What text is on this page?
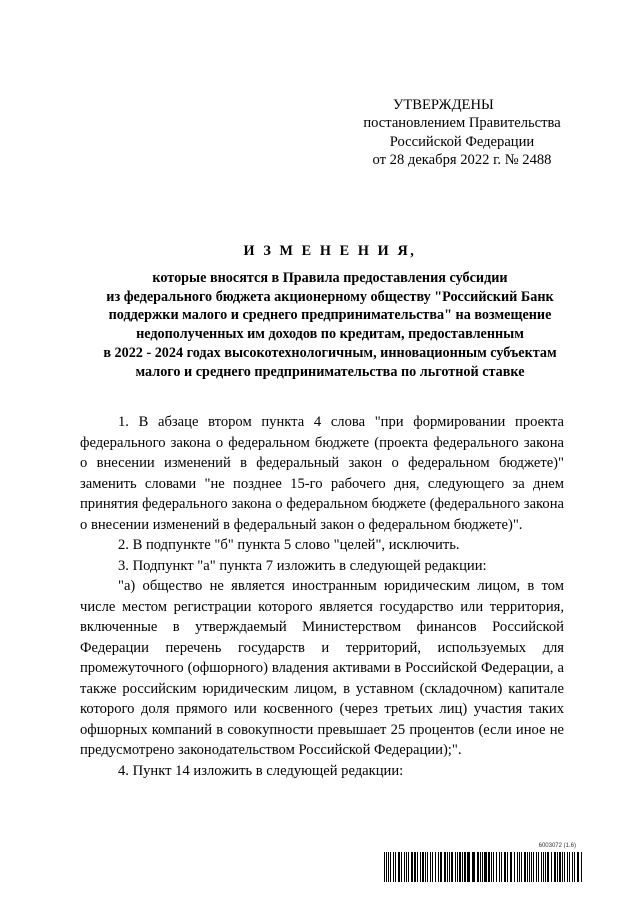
УТВЕРЖДЕНЫ
постановлением Правительства
Российской Федерации
от 28 декабря 2022 г. № 2488
И З М Е Н Е Н И Я,
которые вносятся в Правила предоставления субсидии
из федерального бюджета акционерному обществу "Российский Банк
поддержки малого и среднего предпринимательства" на возмещение
недополученных им доходов по кредитам, предоставленным
в 2022 - 2024 годах высокотехнологичным, инновационным субъектам
малого и среднего предпринимательства по льготной ставке

1. В абзаце втором пункта 4 слова "при формировании проекта федерального закона о федеральном бюджете (проекта федерального закона о внесении изменений в федеральный закон о федеральном бюджете)" заменить словами "не позднее 15-го рабочего дня, следующего за днем принятия федерального закона о федеральном бюджете (федерального закона о внесении изменений в федеральный закон о федеральном бюджете)".

2. В подпункте "б" пункта 5 слово "целей", исключить.

3. Подпункт "а" пункта 7 изложить в следующей редакции:

"а) общество не является иностранным юридическим лицом, в том числе местом регистрации которого является государство или территория, включенные в утверждаемый Министерством финансов Российской Федерации перечень государств и территорий, используемых для промежуточного (офшорного) владения активами в Российской Федерации, а также российским юридическим лицом, в уставном (складочном) капитале которого доля прямого или косвенного (через третьих лиц) участия таких офшорных компаний в совокупности превышает 25 процентов (если иное не предусмотрено законодательством Российской Федерации);".

4. Пункт 14 изложить в следующей редакции:

6003072 (1.6)
